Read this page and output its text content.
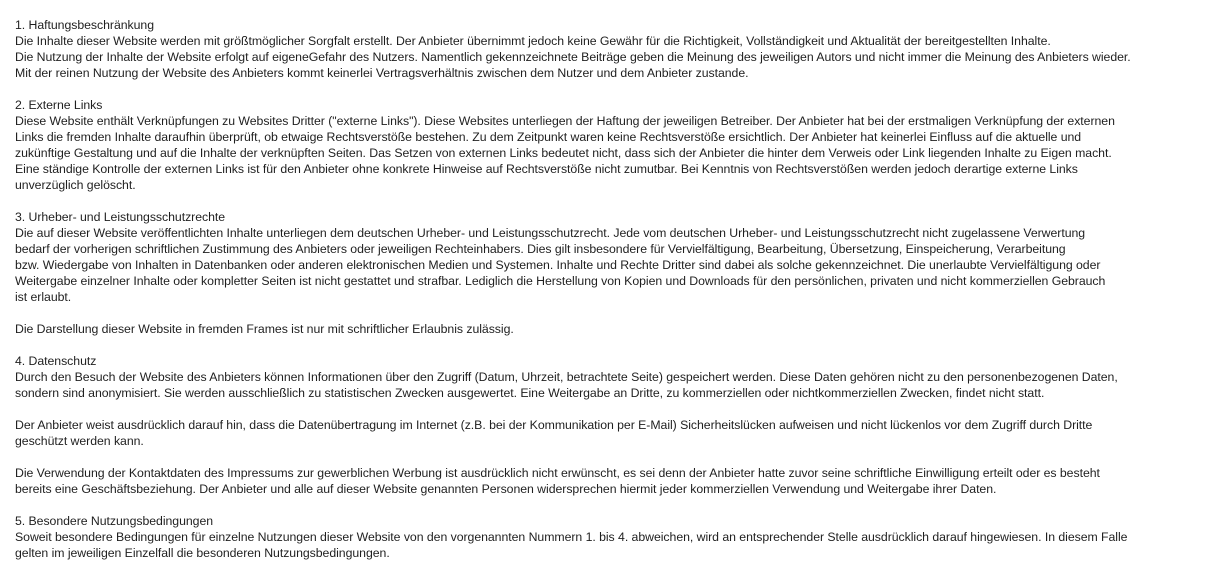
1. Haftungsbeschränkung
Die Inhalte dieser Website werden mit größtmöglicher Sorgfalt erstellt. Der Anbieter übernimmt jedoch keine Gewähr für die Richtigkeit, Vollständigkeit und Aktualität der bereitgestellten Inhalte.
Die Nutzung der Inhalte der Website erfolgt auf eigeneGefahr des Nutzers. Namentlich gekennzeichnete Beiträge geben die Meinung des jeweiligen Autors und nicht immer die Meinung des Anbieters wieder.
Mit der reinen Nutzung der Website des Anbieters kommt keinerlei Vertragsverhältnis zwischen dem Nutzer und dem Anbieter zustande.
2. Externe Links
Diese Website enthält Verknüpfungen zu Websites Dritter ("externe Links"). Diese Websites unterliegen der Haftung der jeweiligen Betreiber. Der Anbieter hat bei der erstmaligen Verknüpfung der externen
Links die fremden Inhalte daraufhin überprüft, ob etwaige Rechtsverstöße bestehen. Zu dem Zeitpunkt waren keine Rechtsverstöße ersichtlich. Der Anbieter hat keinerlei Einfluss auf die aktuelle und
zukünftige Gestaltung und auf die Inhalte der verknüpften Seiten. Das Setzen von externen Links bedeutet nicht, dass sich der Anbieter die hinter dem Verweis oder Link liegenden Inhalte zu Eigen macht.
Eine ständige Kontrolle der externen Links ist für den Anbieter ohne konkrete Hinweise auf Rechtsverstöße nicht zumutbar. Bei Kenntnis von Rechtsverstößen werden jedoch derartige externe Links
unverzüglich gelöscht.
3. Urheber- und Leistungsschutzrechte
Die auf dieser Website veröffentlichten Inhalte unterliegen dem deutschen Urheber- und Leistungsschutzrecht. Jede vom deutschen Urheber- und Leistungsschutzrecht nicht zugelassene Verwertung
bedarf der vorherigen schriftlichen Zustimmung des Anbieters oder jeweiligen Rechteinhabers. Dies gilt insbesondere für Vervielfältigung, Bearbeitung, Übersetzung, Einspeicherung, Verarbeitung
bzw. Wiedergabe von Inhalten in Datenbanken oder anderen elektronischen Medien und Systemen. Inhalte und Rechte Dritter sind dabei als solche gekennzeichnet. Die unerlaubte Vervielfältigung oder
Weitergabe einzelner Inhalte oder kompletter Seiten ist nicht gestattet und strafbar. Lediglich die Herstellung von Kopien und Downloads für den persönlichen, privaten und nicht kommerziellen Gebrauch
ist erlaubt.
Die Darstellung dieser Website in fremden Frames ist nur mit schriftlicher Erlaubnis zulässig.
4. Datenschutz
Durch den Besuch der Website des Anbieters können Informationen über den Zugriff (Datum, Uhrzeit, betrachtete Seite) gespeichert werden. Diese Daten gehören nicht zu den personenbezogenen Daten,
sondern sind anonymisiert. Sie werden ausschließlich zu statistischen Zwecken ausgewertet. Eine Weitergabe an Dritte, zu kommerziellen oder nichtkommerziellen Zwecken, findet nicht statt.
Der Anbieter weist ausdrücklich darauf hin, dass die Datenübertragung im Internet (z.B. bei der Kommunikation per E-Mail) Sicherheitslücken aufweisen und nicht lückenlos vor dem Zugriff durch Dritte
geschützt werden kann.
Die Verwendung der Kontaktdaten des Impressums zur gewerblichen Werbung ist ausdrücklich nicht erwünscht, es sei denn der Anbieter hatte zuvor seine schriftliche Einwilligung erteilt oder es besteht
bereits eine Geschäftsbeziehung. Der Anbieter und alle auf dieser Website genannten Personen widersprechen hiermit jeder kommerziellen Verwendung und Weitergabe ihrer Daten.
5. Besondere Nutzungsbedingungen
Soweit besondere Bedingungen für einzelne Nutzungen dieser Website von den vorgenannten Nummern 1. bis 4. abweichen, wird an entsprechender Stelle ausdrücklich darauf hingewiesen. In diesem Falle
gelten im jeweiligen Einzelfall die besonderen Nutzungsbedingungen.
